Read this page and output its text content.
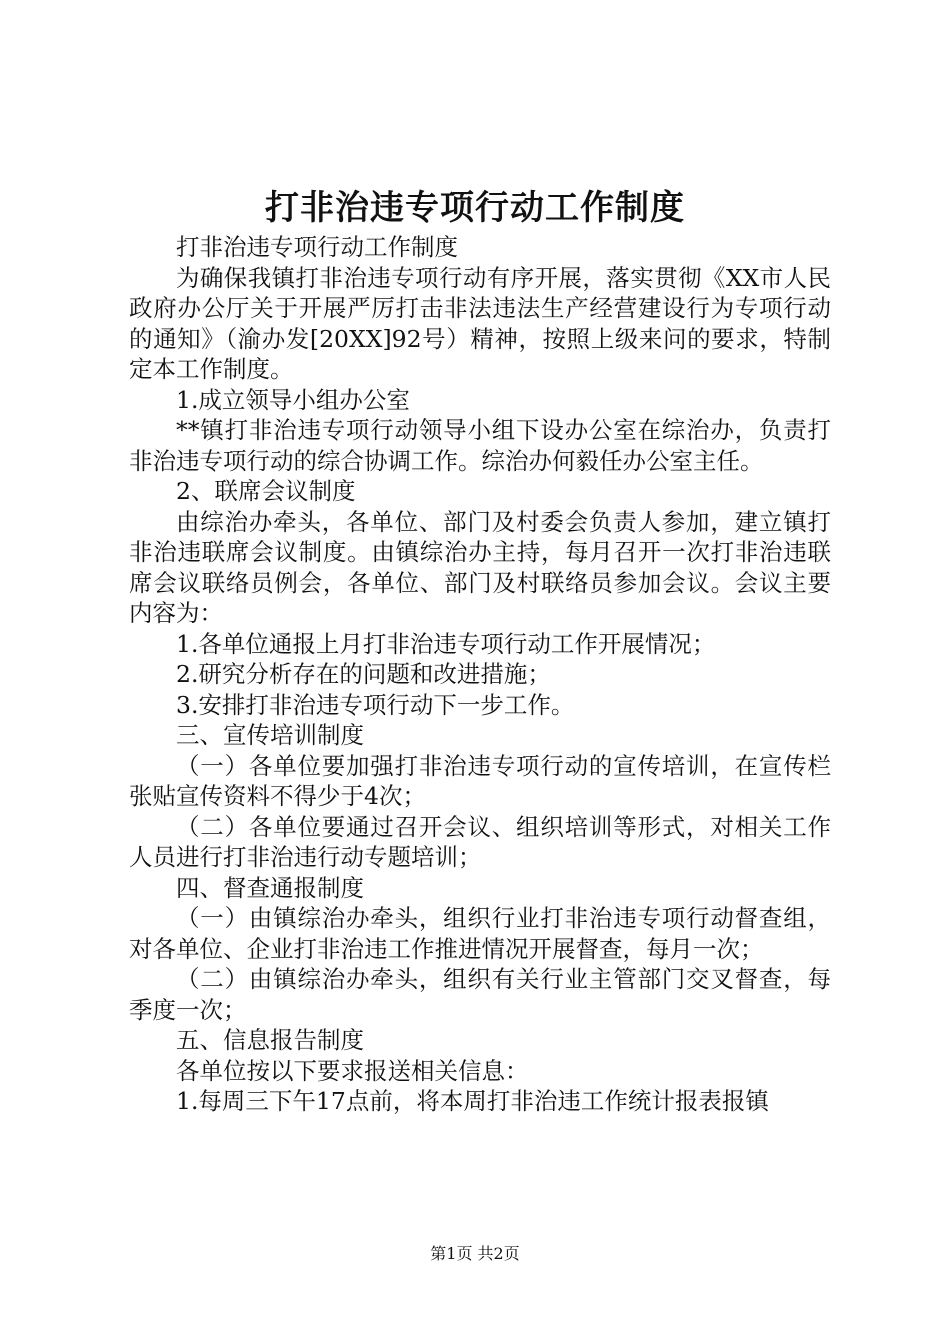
打非治违专项行动工作制度

打非治违专项行动工作制度

为确保我镇打非治违专项行动有序开展，落实贯彻《XX市人民政府办公厅关于开展严厉打击非法违法生产经营建设行为专项行动的通知》（渝办发[20XX]92号）精神，按照上级来问的要求，特制定本工作制度。

1.成立领导小组办公室

**镇打非治违专项行动领导小组下设办公室在综治办，负责打非治违专项行动的综合协调工作。综治办何毅任办公室主任。

2、联席会议制度

由综治办牵头，各单位、部门及村委会负责人参加，建立镇打非治违联席会议制度。由镇综治办主持，每月召开一次打非治违联席会议联络员例会，各单位、部门及村联络员参加会议。会议主要内容为：

1.各单位通报上月打非治违专项行动工作开展情况；

2.研究分析存在的问题和改进措施；

3.安排打非治违专项行动下一步工作。

三、宣传培训制度

（一）各单位要加强打非治违专项行动的宣传培训，在宣传栏张贴宣传资料不得少于4次；

（二）各单位要通过召开会议、组织培训等形式，对相关工作人员进行打非治违行动专题培训；

四、督查通报制度

（一）由镇综治办牵头，组织行业打非治违专项行动督查组，对各单位、企业打非治违工作推进情况开展督查，每月一次；

（二）由镇综治办牵头，组织有关行业主管部门交叉督查，每季度一次；

五、信息报告制度

各单位按以下要求报送相关信息：

1.每周三下午17点前，将本周打非治违工作统计报表报镇

第1页 共2页
